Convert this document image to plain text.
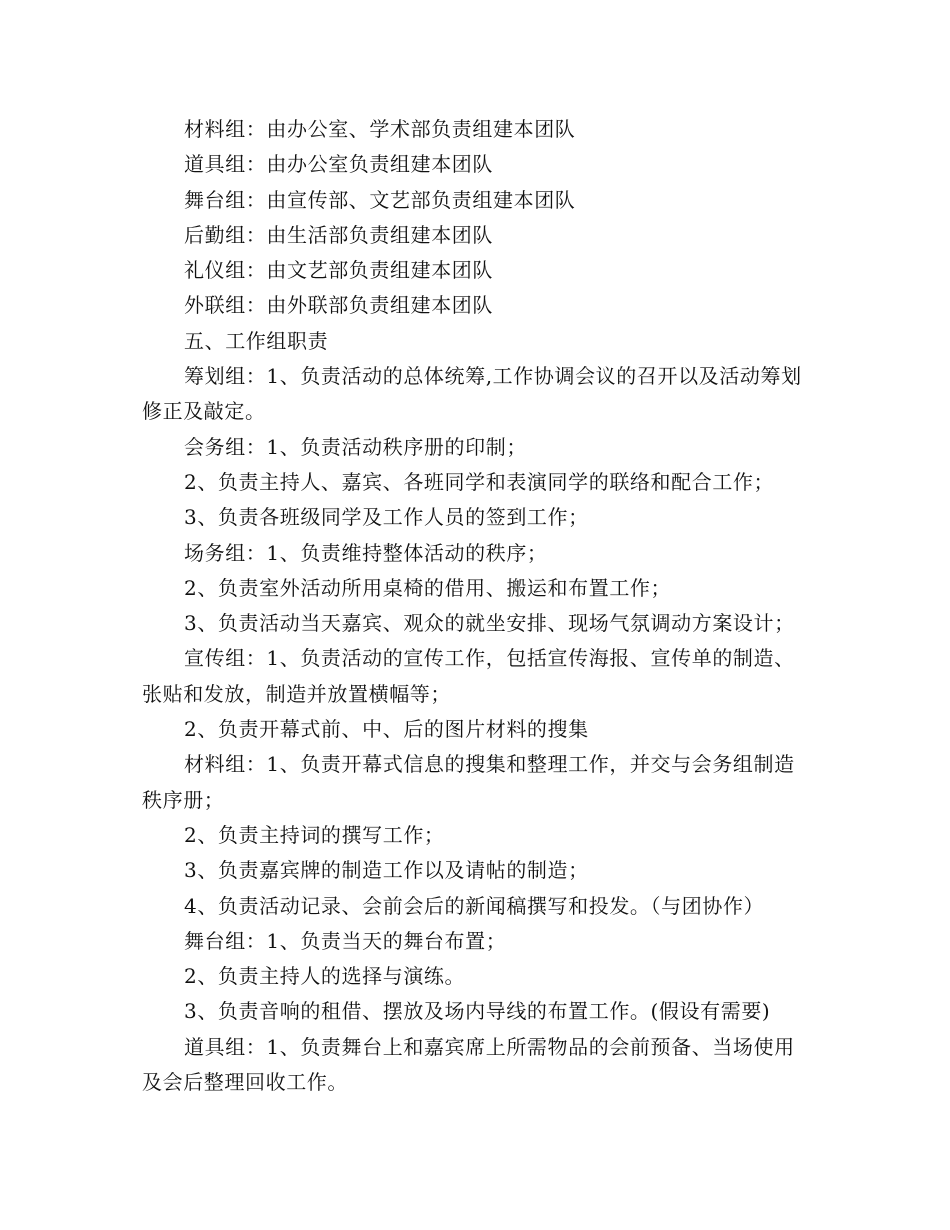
材料组：由办公室、学术部负责组建本团队

道具组：由办公室负责组建本团队

舞台组：由宣传部、文艺部负责组建本团队

后勤组：由生活部负责组建本团队

礼仪组：由文艺部负责组建本团队

外联组：由外联部负责组建本团队

五、工作组职责

筹划组：1、负责活动的总体统筹,工作协调会议的召开以及活动筹划修正及敲定。

会务组：1、负责活动秩序册的印制；

2、负责主持人、嘉宾、各班同学和表演同学的联络和配合工作；

3、负责各班级同学及工作人员的签到工作；

场务组：1、负责维持整体活动的秩序；

2、负责室外活动所用桌椅的借用、搬运和布置工作；

3、负责活动当天嘉宾、观众的就坐安排、现场气氛调动方案设计；

宣传组：1、负责活动的宣传工作，包括宣传海报、宣传单的制造、张贴和发放，制造并放置横幅等；

2、负责开幕式前、中、后的图片材料的搜集

材料组：1、负责开幕式信息的搜集和整理工作，并交与会务组制造秩序册；

2、负责主持词的撰写工作；

3、负责嘉宾牌的制造工作以及请帖的制造；

4、负责活动记录、会前会后的新闻稿撰写和投发。（与团协作）

舞台组：1、负责当天的舞台布置；

2、负责主持人的选择与演练。

3、负责音响的租借、摆放及场内导线的布置工作。(假设有需要)

道具组：1、负责舞台上和嘉宾席上所需物品的会前预备、当场使用及会后整理回收工作。
